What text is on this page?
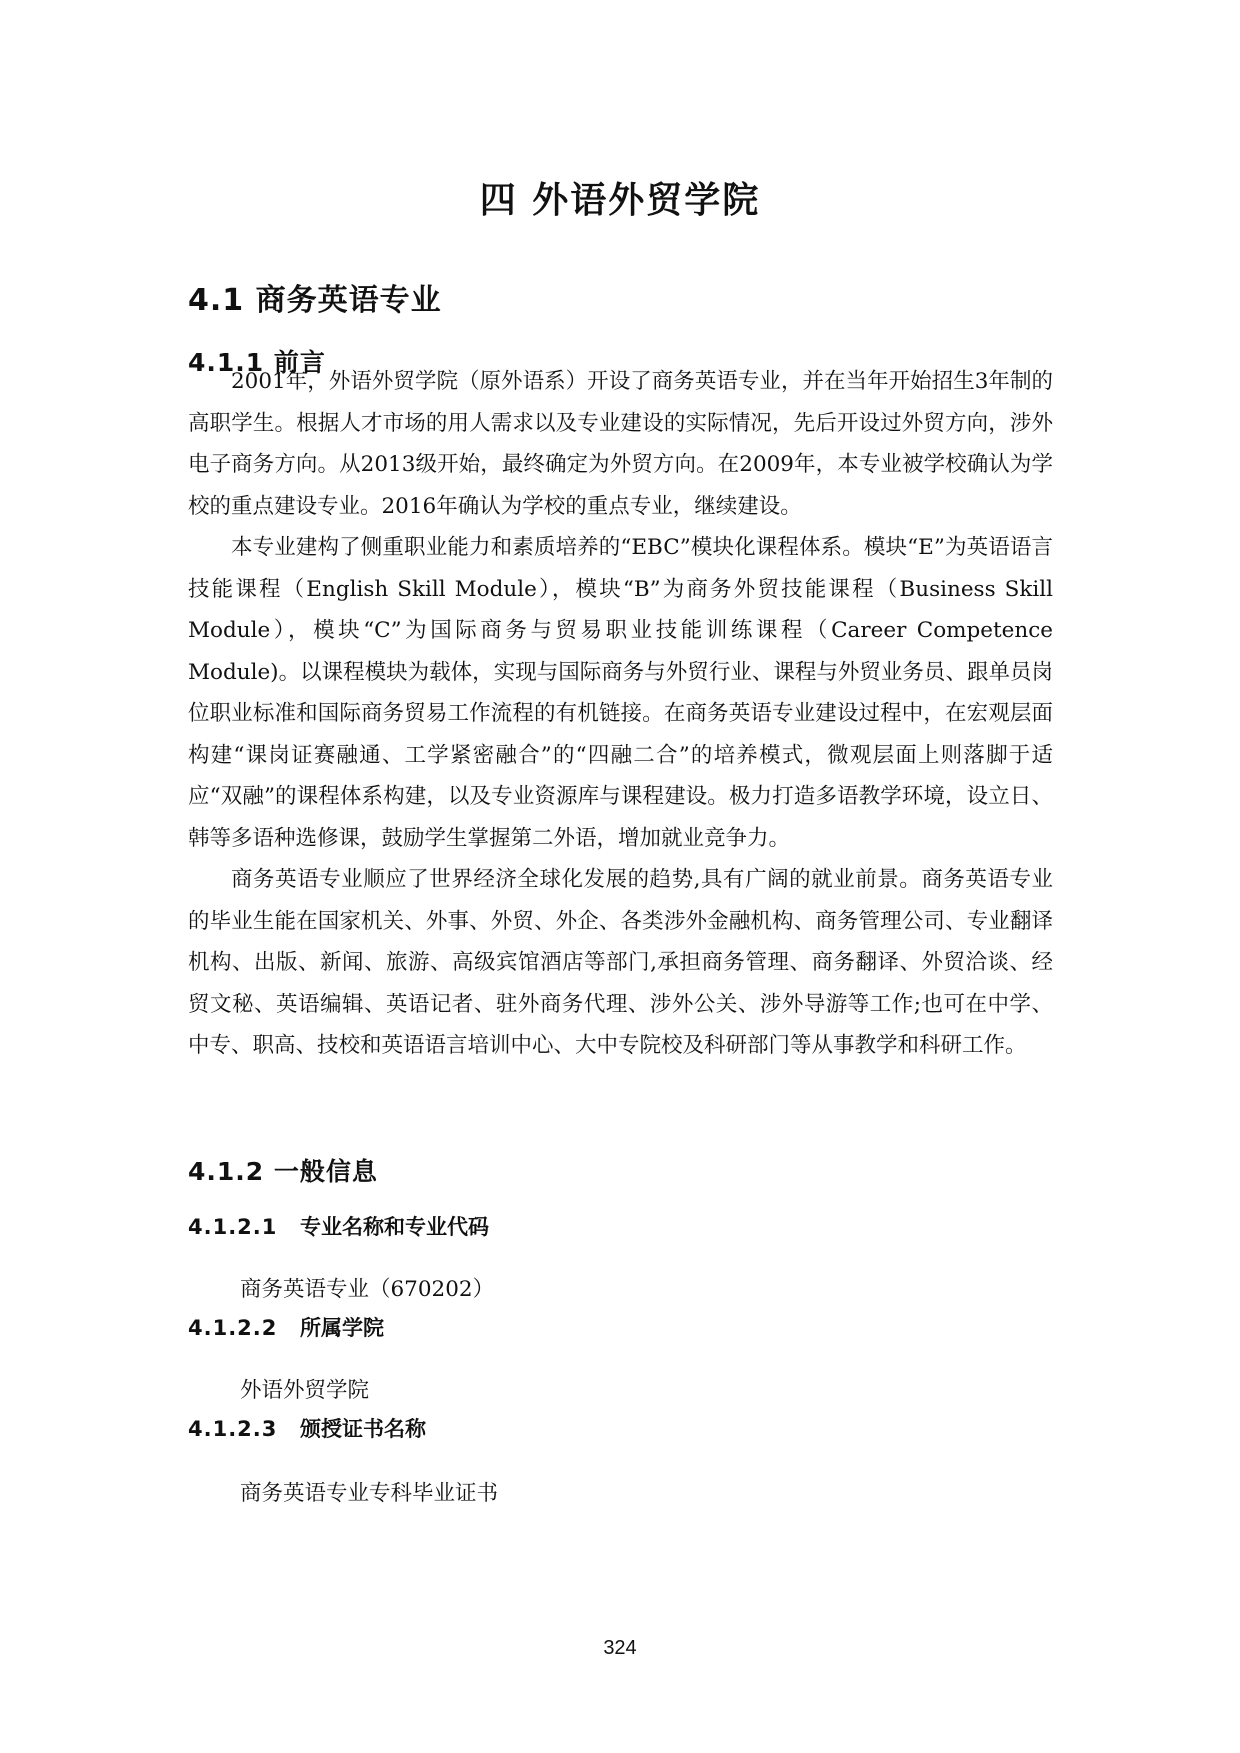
四 外语外贸学院
4.1 商务英语专业
4.1.1 前言

2001年，外语外贸学院（原外语系）开设了商务英语专业，并在当年开始招生3年制的高职学生。根据人才市场的用人需求以及专业建设的实际情况，先后开设过外贸方向，涉外电子商务方向。从2013级开始，最终确定为外贸方向。在2009年，本专业被学校确认为学校的重点建设专业。2016年确认为学校的重点专业，继续建设。

本专业建构了侧重职业能力和素质培养的“EBC”模块化课程体系。模块“E”为英语语言技能课程（English Skill Module），模块“B”为商务外贸技能课程（Business Skill Module），模块“C”为国际商务与贸易职业技能训练课程（Career Competence Module)。以课程模块为载体，实现与国际商务与外贸行业、课程与外贸业务员、跟单员岗位职业标准和国际商务贸易工作流程的有机链接。在商务英语专业建设过程中，在宏观层面构建“课岗证赛融通、工学紧密融合”的“四融二合”的培养模式，微观层面上则落脚于适应“双融”的课程体系构建，以及专业资源库与课程建设。极力打造多语教学环境，设立日、韩等多语种选修课，鼓励学生掌握第二外语，增加就业竞争力。

商务英语专业顺应了世界经济全球化发展的趋势,具有广阔的就业前景。商务英语专业的毕业生能在国家机关、外事、外贸、外企、各类涉外金融机构、商务管理公司、专业翻译机构、出版、新闻、旅游、高级宾馆酒店等部门,承担商务管理、商务翻译、外贸洽谈、经贸文秘、英语编辑、英语记者、驻外商务代理、涉外公关、涉外导游等工作;也可在中学、中专、职高、技校和英语语言培训中心、大中专院校及科研部门等从事教学和科研工作。

4.1.2 一般信息
4.1.2.1 专业名称和专业代码
商务英语专业（670202）
4.1.2.2 所属学院
外语外贸学院
4.1.2.3 颁授证书名称
商务英语专业专科毕业证书
324
